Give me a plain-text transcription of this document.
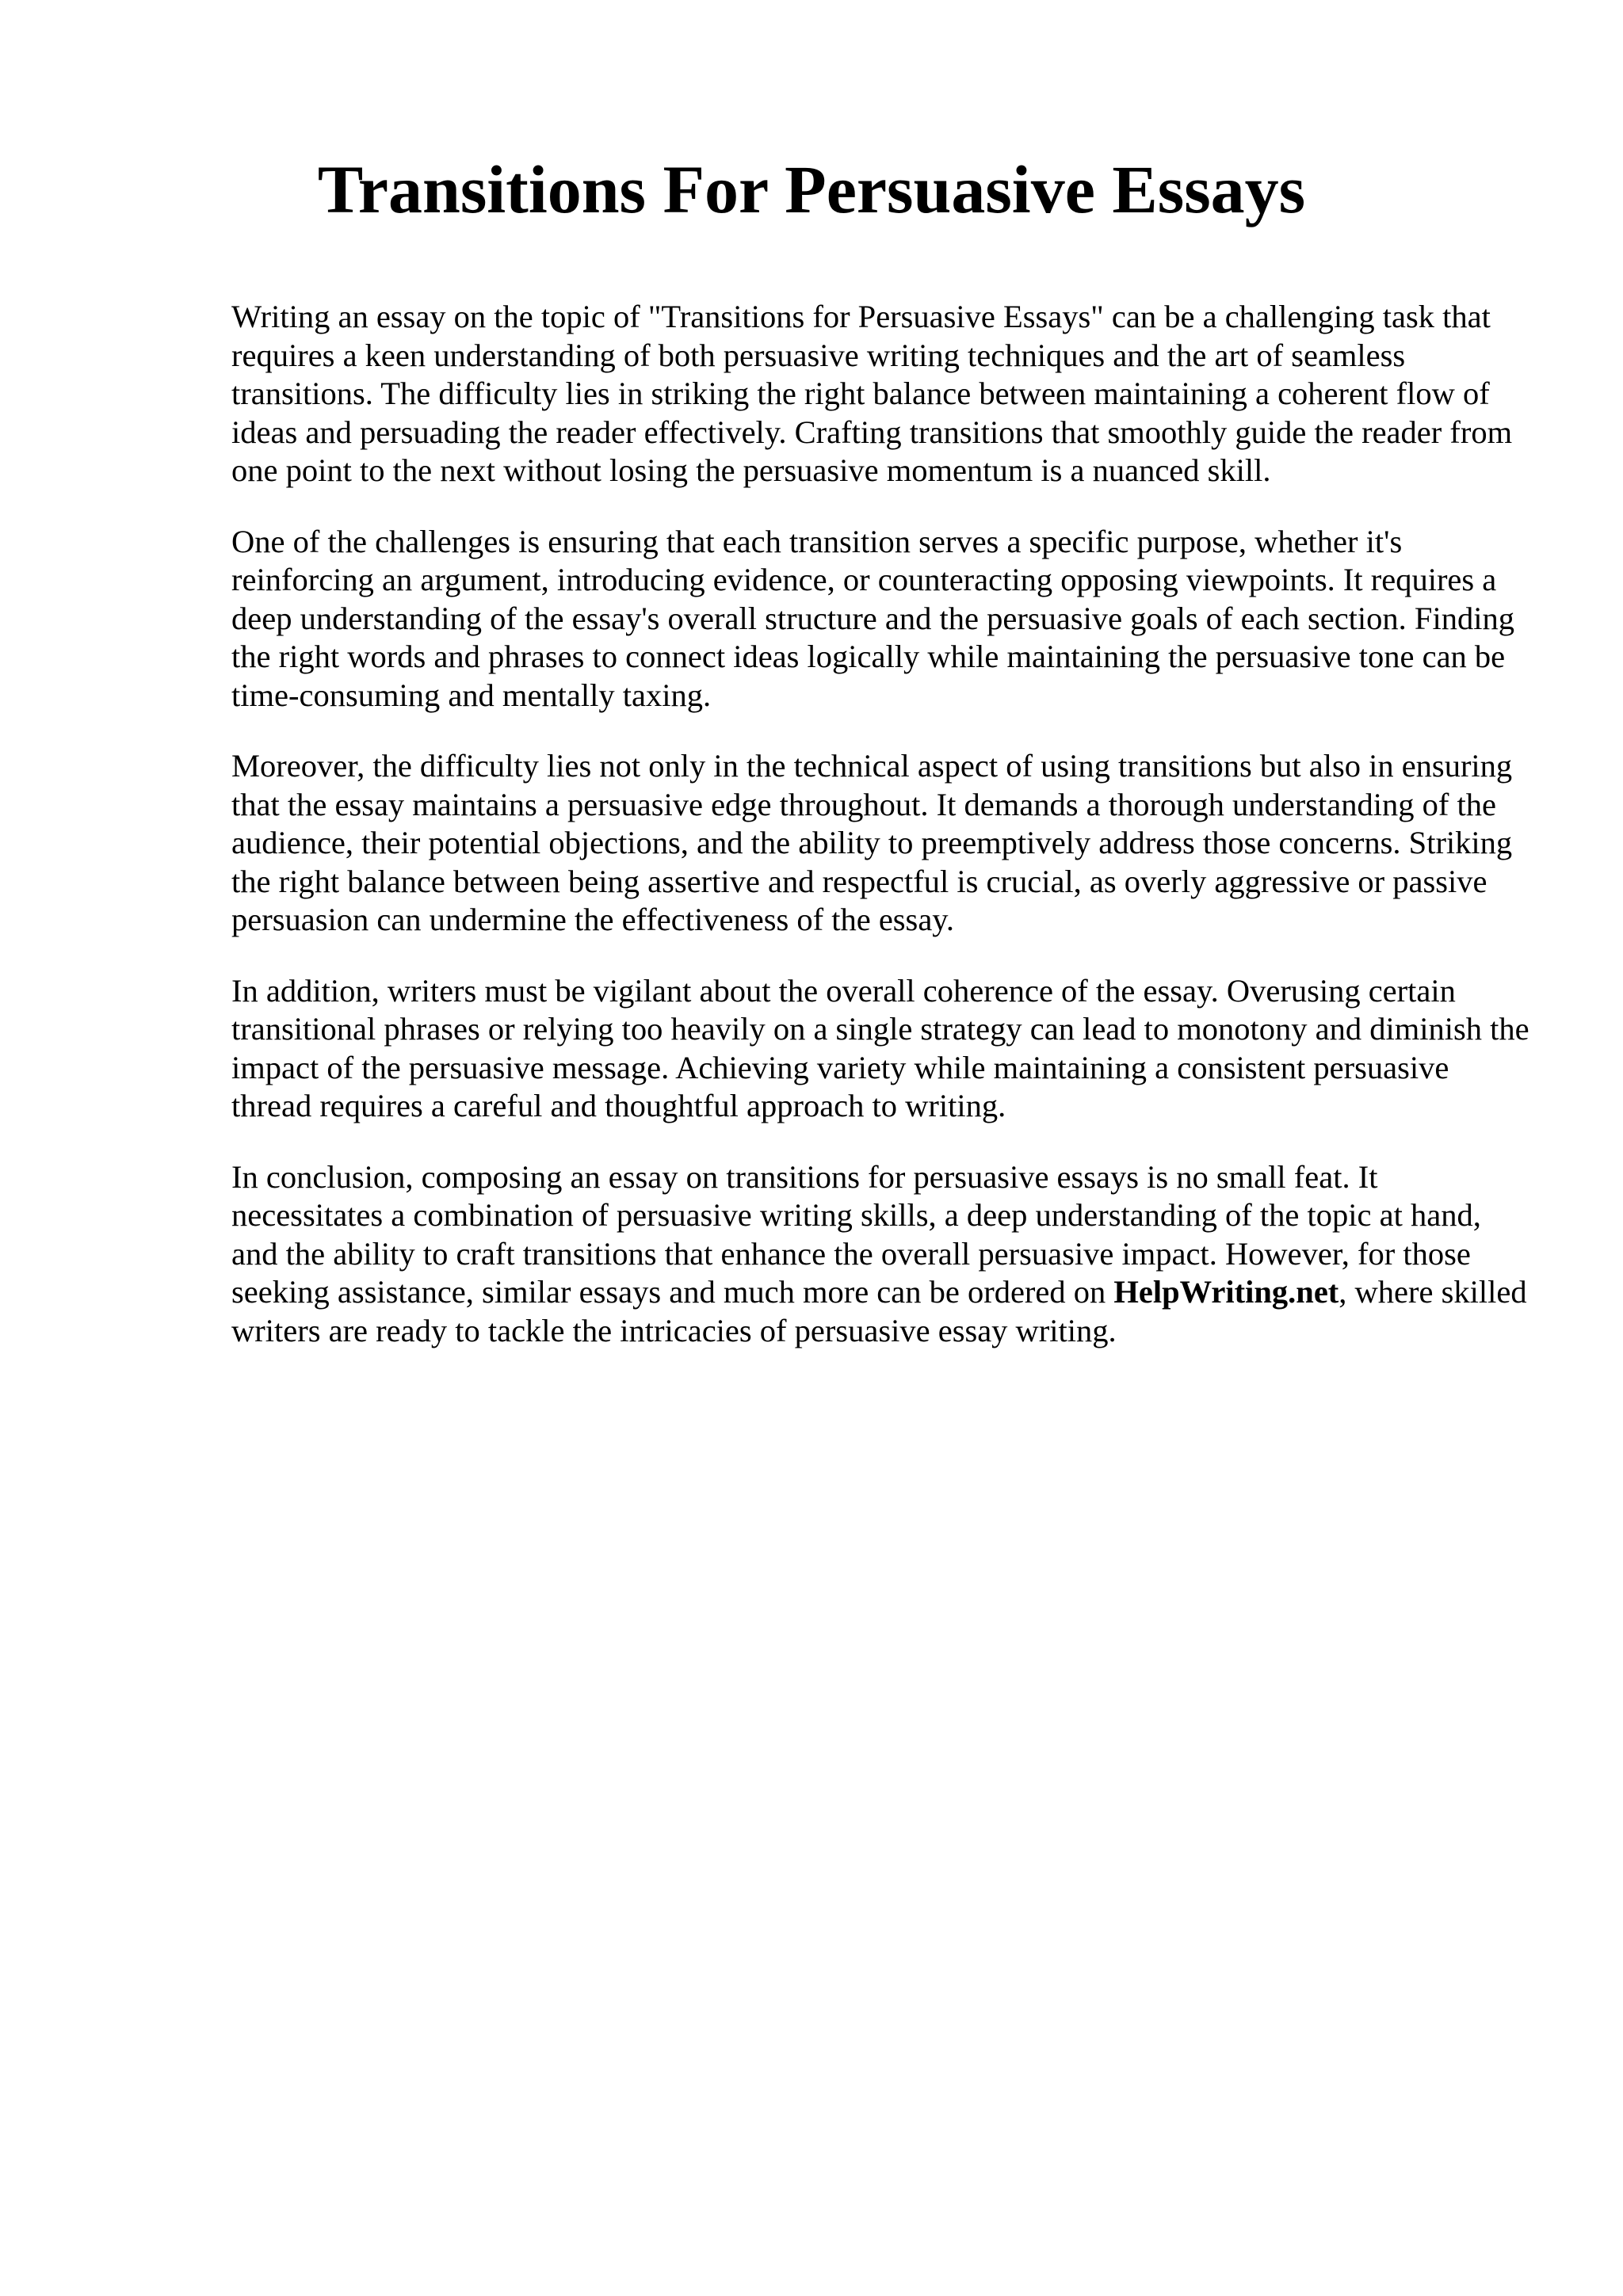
Transitions For Persuasive Essays

Writing an essay on the topic of "Transitions for Persuasive Essays" can be a challenging task that requires a keen understanding of both persuasive writing techniques and the art of seamless transitions. The difficulty lies in striking the right balance between maintaining a coherent flow of ideas and persuading the reader effectively. Crafting transitions that smoothly guide the reader from one point to the next without losing the persuasive momentum is a nuanced skill.

One of the challenges is ensuring that each transition serves a specific purpose, whether it's reinforcing an argument, introducing evidence, or counteracting opposing viewpoints. It requires a deep understanding of the essay's overall structure and the persuasive goals of each section. Finding the right words and phrases to connect ideas logically while maintaining the persuasive tone can be time-consuming and mentally taxing.

Moreover, the difficulty lies not only in the technical aspect of using transitions but also in ensuring that the essay maintains a persuasive edge throughout. It demands a thorough understanding of the audience, their potential objections, and the ability to preemptively address those concerns. Striking the right balance between being assertive and respectful is crucial, as overly aggressive or passive persuasion can undermine the effectiveness of the essay.

In addition, writers must be vigilant about the overall coherence of the essay. Overusing certain transitional phrases or relying too heavily on a single strategy can lead to monotony and diminish the impact of the persuasive message. Achieving variety while maintaining a consistent persuasive thread requires a careful and thoughtful approach to writing.

In conclusion, composing an essay on transitions for persuasive essays is no small feat. It necessitates a combination of persuasive writing skills, a deep understanding of the topic at hand, and the ability to craft transitions that enhance the overall persuasive impact. However, for those seeking assistance, similar essays and much more can be ordered on HelpWriting.net, where skilled writers are ready to tackle the intricacies of persuasive essay writing.
